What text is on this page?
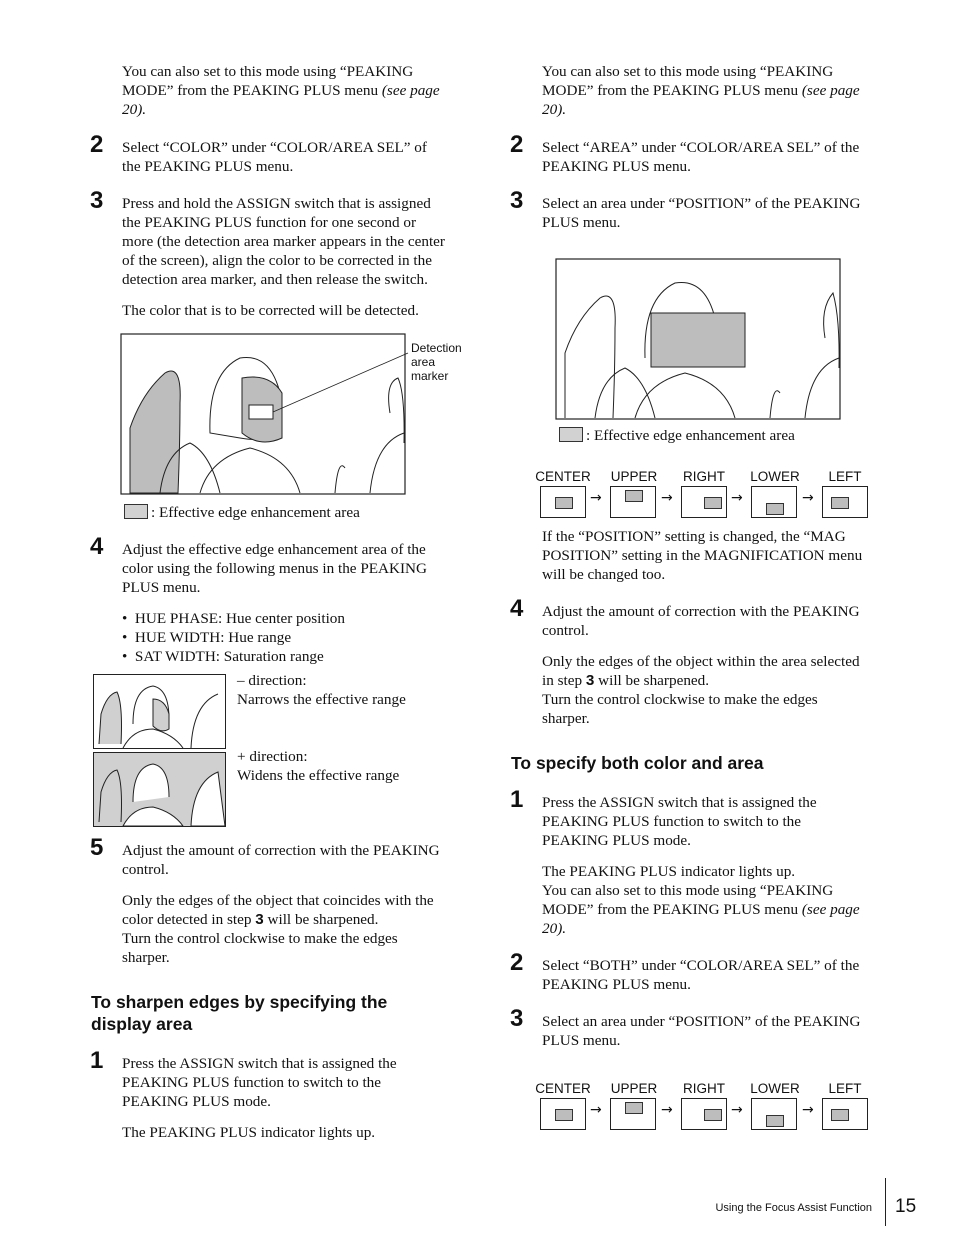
You can also set to this mode using “PEAKING
MODE” from the PEAKING PLUS menu (see page
20).
2 Select “COLOR” under “COLOR/AREA SEL” of
the PEAKING PLUS menu.
3 Press and hold the ASSIGN switch that is assigned
the PEAKING PLUS function for one second or
more (the detection area marker appears in the center
of the screen), align the color to be corrected in the
detection area marker, and then release the switch.
The color that is to be corrected will be detected.
Detection
area
marker
: Effective edge enhancement area
4 Adjust the effective edge enhancement area of the
color using the following menus in the PEAKING
PLUS menu.
•  HUE PHASE: Hue center position
•  HUE WIDTH: Hue range
•  SAT WIDTH: Saturation range
– direction:
Narrows the effective range
+ direction:
Widens the effective range
5 Adjust the amount of correction with the PEAKING
control.
Only the edges of the object that coincides with the
color detected in step 3 will be sharpened.
Turn the control clockwise to make the edges
sharper.
To sharpen edges by specifying the
display area
1 Press the ASSIGN switch that is assigned the
PEAKING PLUS function to switch to the
PEAKING PLUS mode.
The PEAKING PLUS indicator lights up.
You can also set to this mode using “PEAKING
MODE” from the PEAKING PLUS menu (see page
20).
2 Select “AREA” under “COLOR/AREA SEL” of the
PEAKING PLUS menu.
3 Select an area under “POSITION” of the PEAKING
PLUS menu.
: Effective edge enhancement area
CENTER	UPPER	RIGHT	LOWER	LEFT
→	→	→	→
If the “POSITION” setting is changed, the “MAG
POSITION” setting in the MAGNIFICATION menu
will be changed too.
4 Adjust the amount of correction with the PEAKING
control.
Only the edges of the object within the area selected
in step 3 will be sharpened.
Turn the control clockwise to make the edges
sharper.
To specify both color and area
1 Press the ASSIGN switch that is assigned the
PEAKING PLUS function to switch to the
PEAKING PLUS mode.
The PEAKING PLUS indicator lights up.
You can also set to this mode using “PEAKING
MODE” from the PEAKING PLUS menu (see page
20).
2 Select “BOTH” under “COLOR/AREA SEL” of the
PEAKING PLUS menu.
3 Select an area under “POSITION” of the PEAKING
PLUS menu.
CENTER	UPPER	RIGHT	LOWER	LEFT
→	→	→	→
Using the Focus Assist Function 15
